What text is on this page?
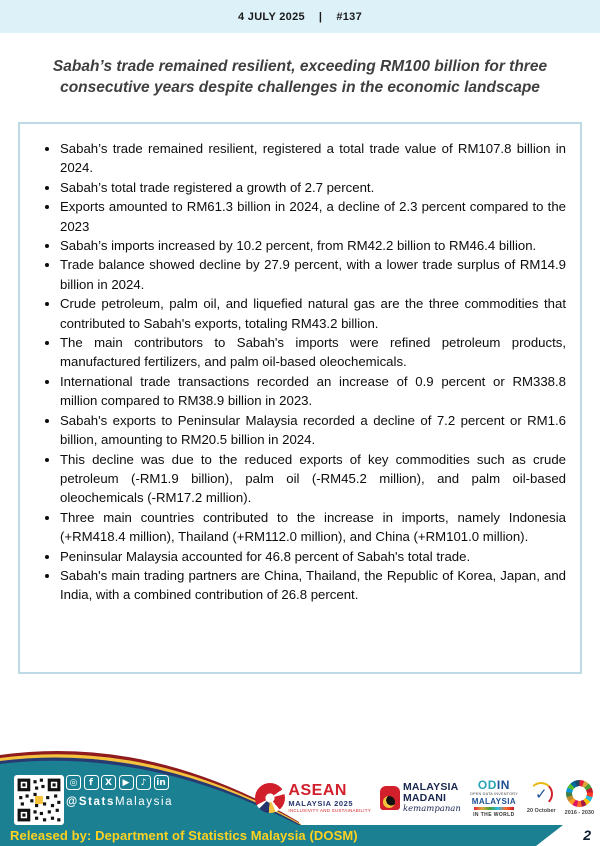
4 JULY 2025 | #137
Sabah’s trade remained resilient, exceeding RM100 billion for three consecutive years despite challenges in the economic landscape
• Sabah’s trade remained resilient, registered a total trade value of RM107.8 billion in 2024.
• Sabah’s total trade registered a growth of 2.7 percent.
• Exports amounted to RM61.3 billion in 2024, a decline of 2.3 percent compared to the 2023
• Sabah’s imports increased by 10.2 percent, from RM42.2 billion to RM46.4 billion.
• Trade balance showed decline by 27.9 percent, with a lower trade surplus of RM14.9 billion in 2024.
• Crude petroleum, palm oil, and liquefied natural gas are the three commodities that contributed to Sabah's exports, totaling RM43.2 billion.
• The main contributors to Sabah's imports were refined petroleum products, manufactured fertilizers, and palm oil-based oleochemicals.
• International trade transactions recorded an increase of 0.9 percent or RM338.8 million compared to RM38.9 billion in 2023.
• Sabah's exports to Peninsular Malaysia recorded a decline of 7.2 percent or RM1.6 billion, amounting to RM20.5 billion in 2024.
• This decline was due to the reduced exports of key commodities such as crude petroleum (-RM1.9 billion), palm oil (-RM45.2 million), and palm oil-based oleochemicals (-RM17.2 million).
• Three main countries contributed to the increase in imports, namely Indonesia (+RM418.4 million), Thailand (+RM112.0 million), and China (+RM101.0 million).
• Peninsular Malaysia accounted for 46.8 percent of Sabah's total trade.
• Sabah's main trading partners are China, Thailand, the Republic of Korea, Japan, and India, with a combined contribution of 26.8 percent.
◎	f	X	▶	♪	in
@StatsMalaysia
ASEAN
MALAYSIA 2025
INCLUSIVITY AND SUSTAINABILITY
MALAYSIA
MADANI
kemampanan
ODIN
OPEN DATA INVENTORY
MALAYSIA
IN THE WORLD
✓
20 October 2016 - 2030
Released by: Department of Statistics Malaysia (DOSM)	2
